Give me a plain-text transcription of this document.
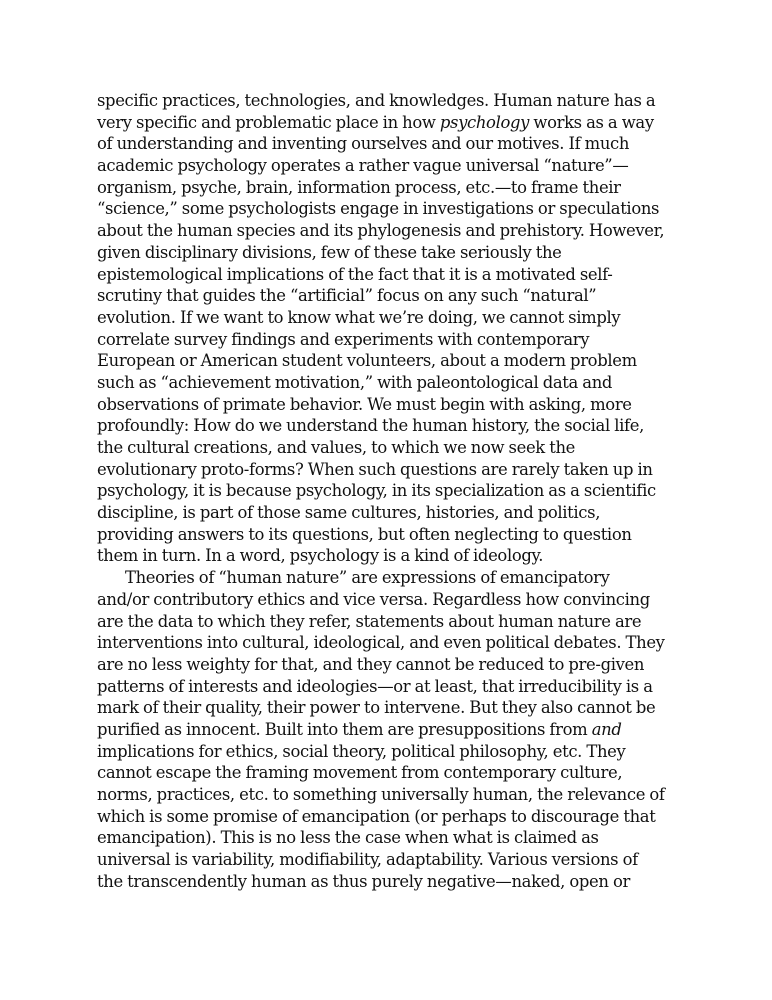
specific practices, technologies, and knowledges. Human nature has a
very specific and problematic place in how psychology works as a way
of understanding and inventing ourselves and our motives. If much
academic psychology operates a rather vague universal “nature”—
organism, psyche, brain, information process, etc.—to frame their
“science,” some psychologists engage in investigations or speculations
about the human species and its phylogenesis and prehistory. However,
given disciplinary divisions, few of these take seriously the
epistemological implications of the fact that it is a motivated self-
scrutiny that guides the “artificial” focus on any such “natural”
evolution. If we want to know what we’re doing, we cannot simply
correlate survey findings and experiments with contemporary
European or American student volunteers, about a modern problem
such as “achievement motivation,” with paleontological data and
observations of primate behavior. We must begin with asking, more
profoundly: How do we understand the human history, the social life,
the cultural creations, and values, to which we now seek the
evolutionary proto-forms? When such questions are rarely taken up in
psychology, it is because psychology, in its specialization as a scientific
discipline, is part of those same cultures, histories, and politics,
providing answers to its questions, but often neglecting to question
them in turn. In a word, psychology is a kind of ideology.
Theories of “human nature” are expressions of emancipatory
and/or contributory ethics and vice versa. Regardless how convincing
are the data to which they refer, statements about human nature are
interventions into cultural, ideological, and even political debates. They
are no less weighty for that, and they cannot be reduced to pre-given
patterns of interests and ideologies—or at least, that irreducibility is a
mark of their quality, their power to intervene. But they also cannot be
purified as innocent. Built into them are presuppositions from and
implications for ethics, social theory, political philosophy, etc. They
cannot escape the framing movement from contemporary culture,
norms, practices, etc. to something universally human, the relevance of
which is some promise of emancipation (or perhaps to discourage that
emancipation). This is no less the case when what is claimed as
universal is variability, modifiability, adaptability. Various versions of
the transcendently human as thus purely negative—naked, open or
